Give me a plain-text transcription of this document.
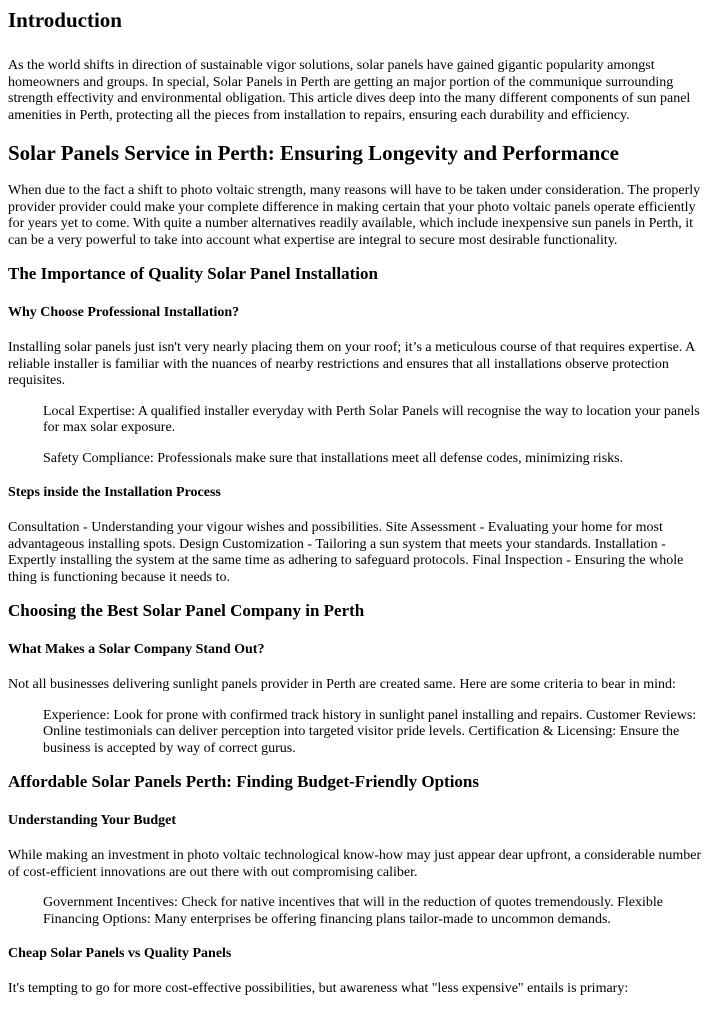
Introduction

As the world shifts in direction of sustainable vigor solutions, solar panels have gained gigantic popularity amongst homeowners and groups. In special, Solar Panels in Perth are getting an major portion of the communique surrounding strength effectivity and environmental obligation. This article dives deep into the many different components of sun panel amenities in Perth, protecting all the pieces from installation to repairs, ensuring each durability and efficiency.

Solar Panels Service in Perth: Ensuring Longevity and Performance

When due to the fact a shift to photo voltaic strength, many reasons will have to be taken under consideration. The properly provider provider could make your complete difference in making certain that your photo voltaic panels operate efficiently for years yet to come. With quite a number alternatives readily available, which include inexpensive sun panels in Perth, it can be a very powerful to take into account what expertise are integral to secure most desirable functionality.

The Importance of Quality Solar Panel Installation
Why Choose Professional Installation?

Installing solar panels just isn't very nearly placing them on your roof; it’s a meticulous course of that requires expertise. A reliable installer is familiar with the nuances of nearby restrictions and ensures that all installations observe protection requisites.

Local Expertise: A qualified installer everyday with Perth Solar Panels will recognise the way to location your panels for max solar exposure.
Safety Compliance: Professionals make sure that installations meet all defense codes, minimizing risks.
Steps inside the Installation Process

Consultation - Understanding your vigour wishes and possibilities. Site Assessment - Evaluating your home for most advantageous installing spots. Design Customization - Tailoring a sun system that meets your standards. Installation - Expertly installing the system at the same time as adhering to safeguard protocols. Final Inspection - Ensuring the whole thing is functioning because it needs to.

Choosing the Best Solar Panel Company in Perth
What Makes a Solar Company Stand Out?

Not all businesses delivering sunlight panels provider in Perth are created same. Here are some criteria to bear in mind:

Experience: Look for prone with confirmed track history in sunlight panel installing and repairs. Customer Reviews: Online testimonials can deliver perception into targeted visitor pride levels. Certification & Licensing: Ensure the business is accepted by way of correct gurus.
Affordable Solar Panels Perth: Finding Budget-Friendly Options
Understanding Your Budget

While making an investment in photo voltaic technological know-how may just appear dear upfront, a considerable number of cost-efficient innovations are out there with out compromising caliber.

Government Incentives: Check for native incentives that will in the reduction of quotes tremendously. Flexible Financing Options: Many enterprises be offering financing plans tailor-made to uncommon demands.
Cheap Solar Panels vs Quality Panels

It's tempting to go for more cost-effective possibilities, but awareness what "less expensive" entails is primary:
